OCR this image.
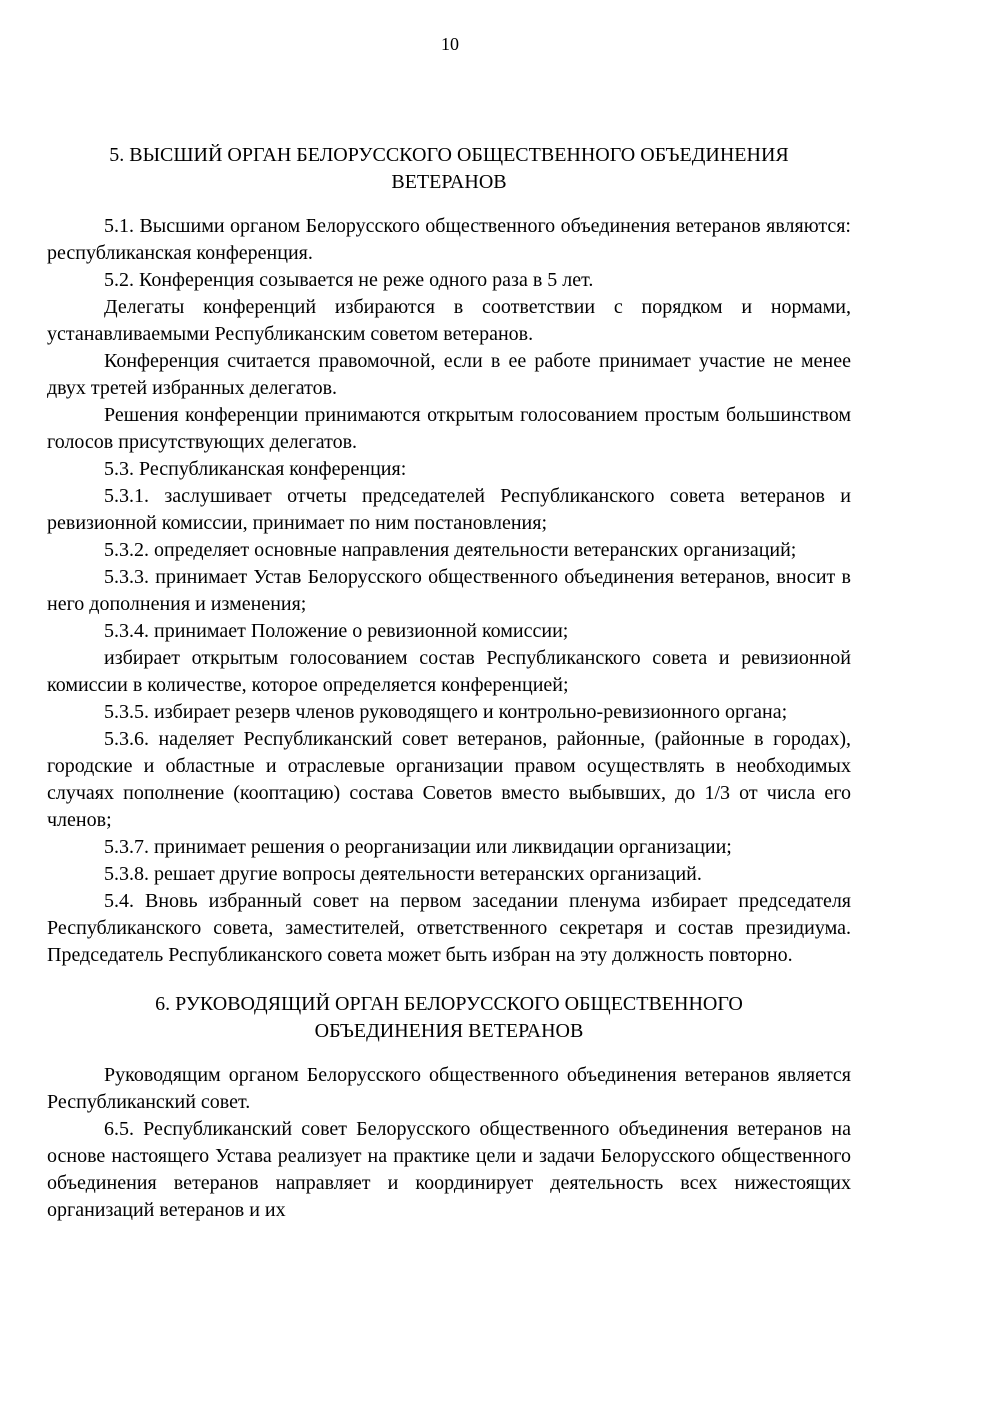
10
5. ВЫСШИЙ ОРГАН БЕЛОРУССКОГО ОБЩЕСТВЕННОГО ОБЪЕДИНЕНИЯ
ВЕТЕРАНОВ

5.1. Высшими органом Белорусского общественного объединения ветеранов являются: республиканская конференция.

5.2. Конференция созывается не реже одного раза в 5 лет.

Делегаты конференций избираются в соответствии с порядком и нормами, устанавливаемыми Республиканским советом ветеранов.

Конференция считается правомочной, если в ее работе принимает участие не менее двух третей избранных делегатов.

Решения конференции принимаются открытым голосованием простым большинством голосов присутствующих делегатов.

5.3. Республиканская конференция:

5.3.1. заслушивает отчеты председателей Республиканского совета ветеранов и ревизионной комиссии, принимает по ним постановления;

5.3.2. определяет основные направления деятельности ветеранских организаций;

5.3.3. принимает Устав Белорусского общественного объединения ветеранов, вносит в него дополнения и изменения;

5.3.4. принимает Положение о ревизионной комиссии;

избирает открытым голосованием состав Республиканского совета и ревизионной комиссии в количестве, которое определяется конференцией;

5.3.5. избирает резерв членов руководящего и контрольно-ревизионного органа;

5.3.6. наделяет Республиканский совет ветеранов, районные, (районные в городах), городские и областные и отраслевые организации правом осуществлять в необходимых случаях пополнение (кооптацию) состава Советов вместо выбывших, до 1/3 от числа его членов;

5.3.7. принимает решения о реорганизации или ликвидации организации;

5.3.8. решает другие вопросы деятельности ветеранских организаций.

5.4. Вновь избранный совет на первом заседании пленума избирает председателя Республиканского совета, заместителей, ответственного секретаря и состав президиума. Председатель Республиканского совета может быть избран на эту должность повторно.

6. РУКОВОДЯЩИЙ ОРГАН БЕЛОРУССКОГО ОБЩЕСТВЕННОГО
ОБЪЕДИНЕНИЯ ВЕТЕРАНОВ

Руководящим органом Белорусского общественного объединения ветеранов является Республиканский совет.

6.5. Республиканский совет Белорусского общественного объединения ветеранов на основе настоящего Устава реализует на практике цели и задачи Белорусского общественного объединения ветеранов направляет и координирует деятельность всех нижестоящих организаций ветеранов и их
